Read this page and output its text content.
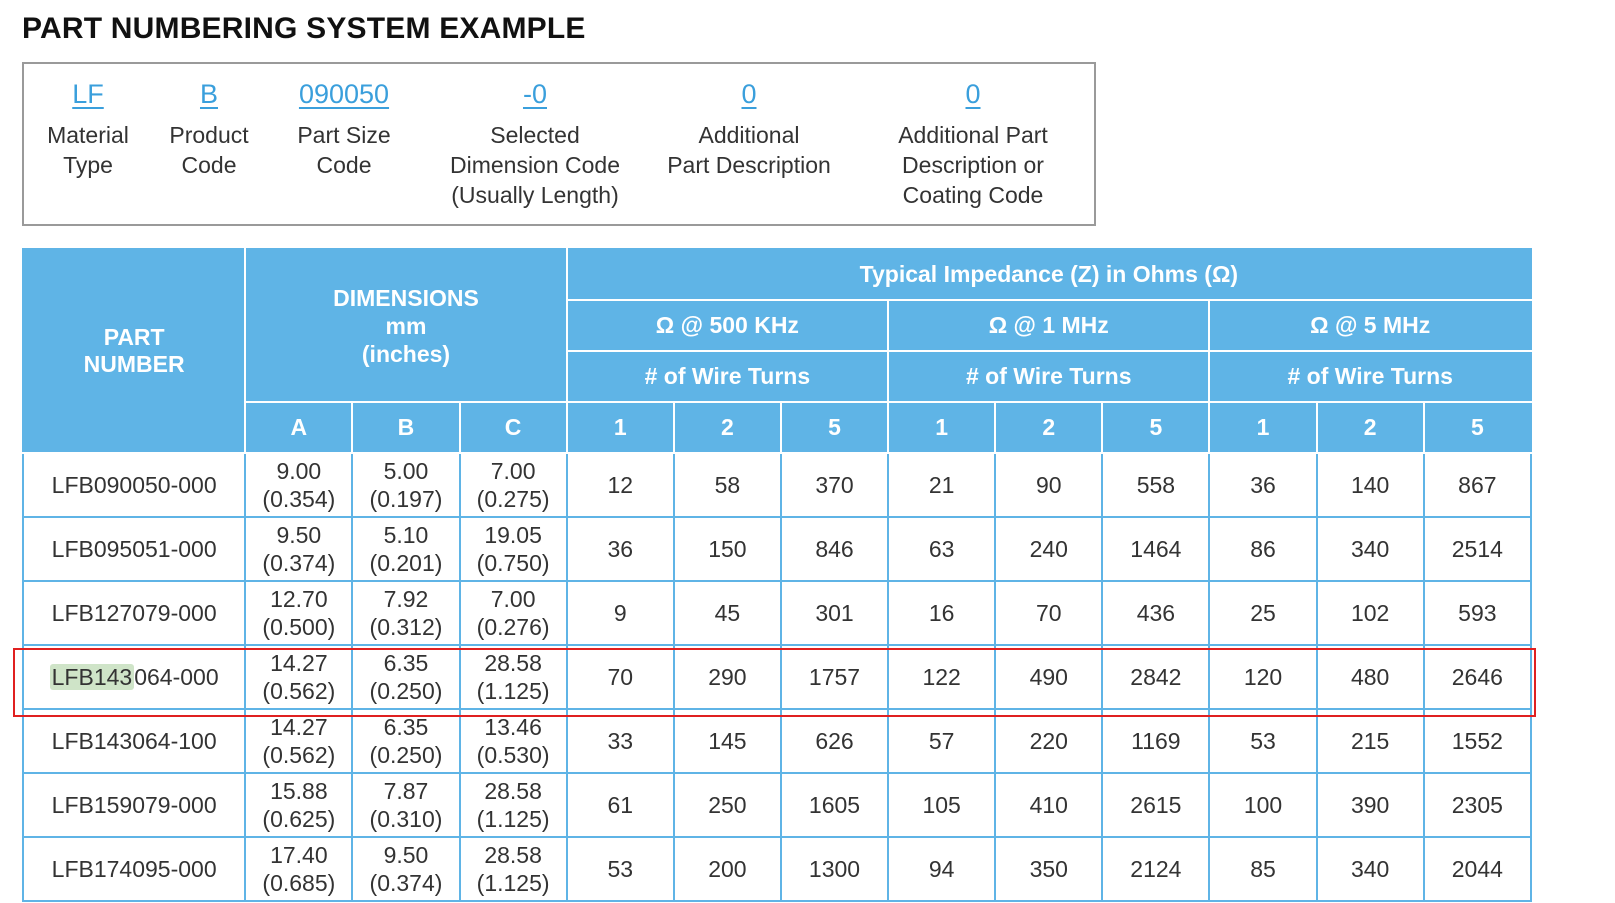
PART NUMBERING SYSTEM EXAMPLE
LF
Material
Type
B
Product
Code
090050
Part Size
Code
-0
Selected
Dimension Code
(Usually Length)
0
Additional
Part Description
0
Additional Part
Description or
Coating Code
PART
NUMBER	DIMENSIONS
mm
(inches)			Typical Impedance (Z) in Ohms (Ω)								
				Ω @ 500 KHz			Ω @ 1 MHz			Ω @ 5 MHz		
				# of Wire Turns			# of Wire Turns			# of Wire Turns		
	A	B	C	1	2	5	1	2	5	1	2	5
LFB090050-000	9.00
(0.354)	5.00
(0.197)	7.00
(0.275)	12	58	370	21	90	558	36	140	867
LFB095051-000	9.50
(0.374)	5.10
(0.201)	19.05
(0.750)	36	150	846	63	240	1464	86	340	2514
LFB127079-000	12.70
(0.500)	7.92
(0.312)	7.00
(0.276)	9	45	301	16	70	436	25	102	593
LFB143064-000	14.27
(0.562)	6.35
(0.250)	28.58
(1.125)	70	290	1757	122	490	2842	120	480	2646
LFB143064-100	14.27
(0.562)	6.35
(0.250)	13.46
(0.530)	33	145	626	57	220	1169	53	215	1552
LFB159079-000	15.88
(0.625)	7.87
(0.310)	28.58
(1.125)	61	250	1605	105	410	2615	100	390	2305
LFB174095-000	17.40
(0.685)	9.50
(0.374)	28.58
(1.125)	53	200	1300	94	350	2124	85	340	2044
